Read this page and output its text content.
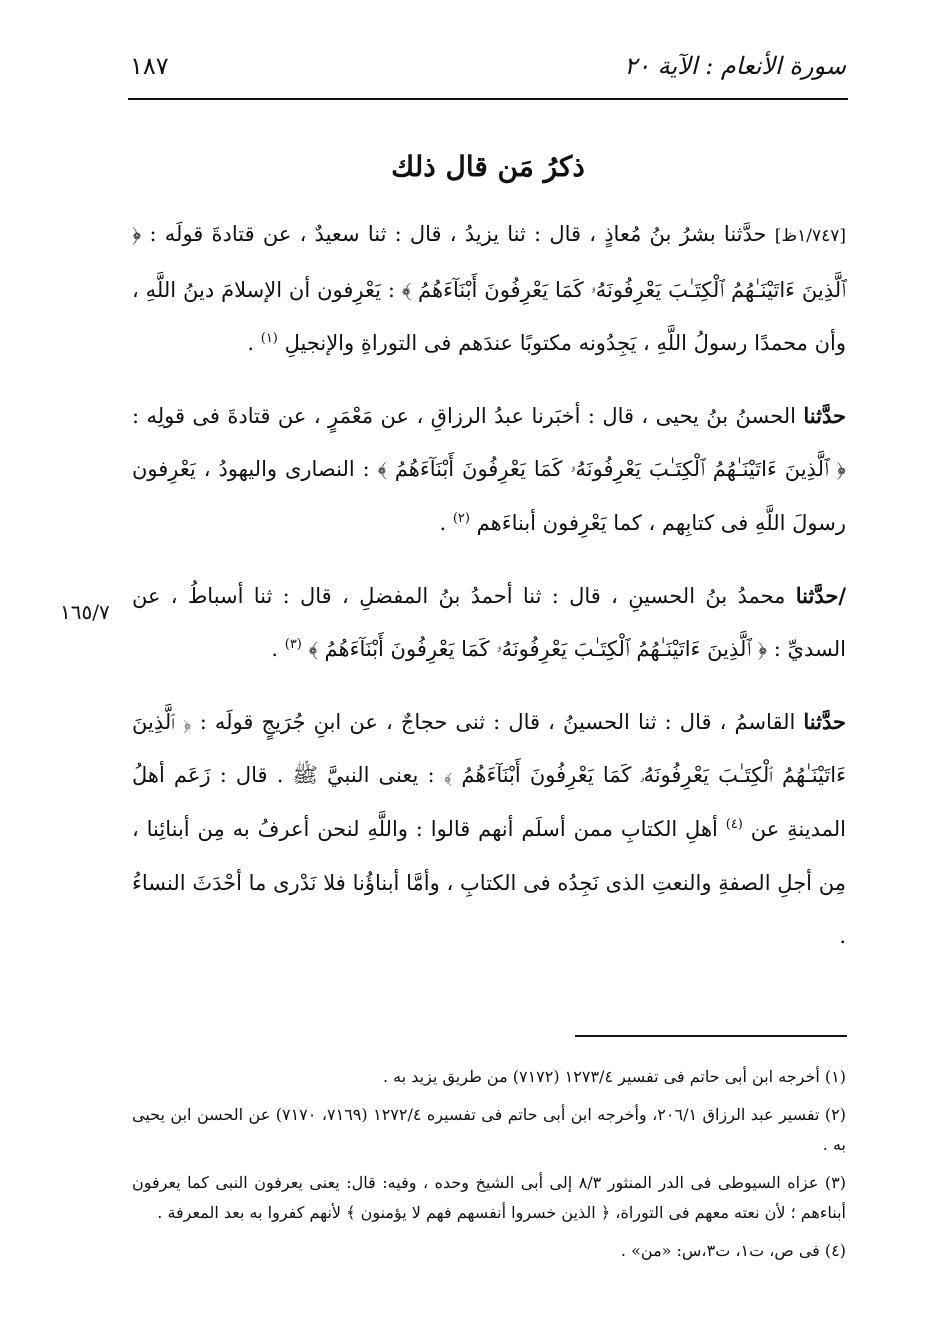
سورة الأنعام : الآية ٢٠
١٨٧
ذكرُ مَن قال ذلك

[١/٧٤٧ظ] حدَّثنا بشرُ بنُ مُعاذٍ ، قال : ثنا يزيدُ ، قال : ثنا سعيدٌ ، عن قتادةَ قولَه : ﴿ ٱلَّذِينَ ءَاتَيْنَـٰهُمُ ٱلْكِتَـٰبَ يَعْرِفُونَهُۥ كَمَا يَعْرِفُونَ أَبْنَآءَهُمُ ﴾ : يَعْرِفون أن الإسلامَ دينُ اللَّهِ ، وأن محمدًا رسولُ اللَّهِ ، يَجِدُونه مكتوبًا عندَهم فى التوراةِ والإنجيلِ $^{(١)}$ .

حدَّثنا الحسنُ بنُ يحيى ، قال : أخبَرنا عبدُ الرزاقِ ، عن مَعْمَرٍ ، عن قتادةَ فى قولِه : ﴿ ٱلَّذِينَ ءَاتَيْنَـٰهُمُ ٱلْكِتَـٰبَ يَعْرِفُونَهُۥ كَمَا يَعْرِفُونَ أَبْنَآءَهُمُ ﴾ : النصارى واليهودُ ، يَعْرِفون رسولَ اللَّهِ فى كتابِهم ، كما يَعْرِفون أبناءَهم $^{(٢)}$ .

/حدَّثنا محمدُ بنُ الحسينِ ، قال : ثنا أحمدُ بنُ المفضلِ ، قال : ثنا أسباطُ ، عن السديِّ : ﴿ ٱلَّذِينَ ءَاتَيْنَـٰهُمُ ٱلْكِتَـٰبَ يَعْرِفُونَهُۥ كَمَا يَعْرِفُونَ أَبْنَآءَهُمُ ﴾ $^{(٣)}$ .

حدَّثنا القاسمُ ، قال : ثنا الحسينُ ، قال : ثنى حجاجٌ ، عن ابنِ جُرَيجٍ قولَه : ﴿ ٱلَّذِينَ ءَاتَيْنَـٰهُمُ ٱلْكِتَـٰبَ يَعْرِفُونَهُۥ كَمَا يَعْرِفُونَ أَبْنَآءَهُمُ ﴾ : يعنى النبيَّ ﷺ . قال : زَعَم أهلُ المدينةِ عن $^{(٤)}$ أهلِ الكتابِ ممن أسلَم أنهم قالوا : واللَّهِ لنحن أعرفُ به مِن أبنائِنا ، مِن أجلِ الصفةِ والنعتِ الذى نَجِدُه فى الكتابِ ، وأمَّا أبناؤُنا فلا نَدْرى ما أحْدَثَ النساءُ .

١٦٥/٧

(١) أخرجه ابن أبى حاتم فى تفسير ١٢٧٣/٤ (٧١٧٢) من طريق يزيد به .

(٢) تفسير عبد الرزاق ٢٠٦/١، وأخرجه ابن أبى حاتم فى تفسيره ١٢٧٢/٤ (٧١٦٩، ٧١٧٠) عن الحسن ابن يحيى به .

(٣) عزاه السيوطى فى الدر المنثور ٨/٣ إلى أبى الشيخ وحده ، وفيه: قال: يعنى يعرفون النبى كما يعرفون أبناءهم ؛ لأن نعته معهم فى التوراة، ﴿ الذين خسروا أنفسهم فهم لا يؤمنون ﴾ لأنهم كفروا به بعد المعرفة .

(٤) فى ص، ت١، ت٣،س: «من» .
